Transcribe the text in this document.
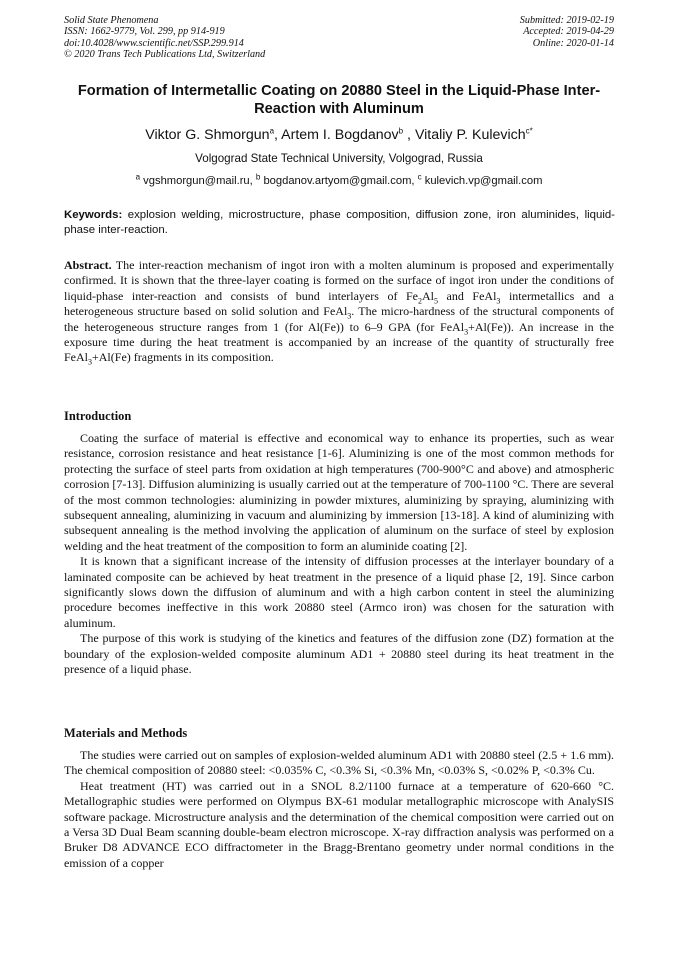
Solid State Phenomena
ISSN: 1662-9779, Vol. 299, pp 914-919
doi:10.4028/www.scientific.net/SSP.299.914
© 2020 Trans Tech Publications Ltd, Switzerland
Submitted: 2019-02-19
Accepted: 2019-04-29
Online: 2020-01-14
Formation of Intermetallic Coating on 20880 Steel in the Liquid-Phase Inter-Reaction with Aluminum
Viktor G. Shmorgun$^a$, Artem I. Bogdanov$^b$ , Vitaliy P. Kulevich$^{c*}$
Volgograd State Technical University, Volgograd, Russia
$^a$ vgshmorgun@mail.ru, $^b$ bogdanov.artyom@gmail.com, $^c$ kulevich.vp@gmail.com
Keywords: explosion welding, microstructure, phase composition, diffusion zone, iron aluminides, liquid-phase inter-reaction.

Abstract. The inter-reaction mechanism of ingot iron with a molten aluminum is proposed and experimentally confirmed. It is shown that the three-layer coating is formed on the surface of ingot iron under the conditions of liquid-phase inter-reaction and consists of bund interlayers of $Fe_2Al_5$ and FeAl$_3$ intermetallics and a heterogeneous structure based on solid solution and FeAl$_3$. The micro-hardness of the structural components of the heterogeneous structure ranges from 1 (for Al(Fe)) to 6–9 GPA (for FeAl$_3$+Al(Fe)). An increase in the exposure time during the heat treatment is accompanied by an increase of the quantity of structurally free FeAl$_3$+Al(Fe) fragments in its composition.

Introduction

Coating the surface of material is effective and economical way to enhance its properties, such as wear resistance, corrosion resistance and heat resistance [1-6]. Aluminizing is one of the most common methods for protecting the surface of steel parts from oxidation at high temperatures (700-900°C and above) and atmospheric corrosion [7-13]. Diffusion aluminizing is usually carried out at the temperature of 700-1100 °C. There are several of the most common technologies: aluminizing in powder mixtures, aluminizing by spraying, aluminizing with subsequent annealing, aluminizing in vacuum and aluminizing by immersion [13-18]. A kind of aluminizing with subsequent annealing is the method involving the application of aluminum on the surface of steel by explosion welding and the heat treatment of the composition to form an aluminide coating [2].

It is known that a significant increase of the intensity of diffusion processes at the interlayer boundary of a laminated composite can be achieved by heat treatment in the presence of a liquid phase [2, 19]. Since carbon significantly slows down the diffusion of aluminum and with a high carbon content in steel the aluminizing procedure becomes ineffective in this work 20880 steel (Armco iron) was chosen for the saturation with aluminum.

The purpose of this work is studying of the kinetics and features of the diffusion zone (DZ) formation at the boundary of the explosion-welded composite aluminum AD1 + 20880 steel during its heat treatment in the presence of a liquid phase.

Materials and Methods

The studies were carried out on samples of explosion-welded aluminum AD1 with 20880 steel (2.5 + 1.6 mm). The chemical composition of 20880 steel: <0.035% C, <0.3% Si, <0.3% Mn, <0.03% S, <0.02% P, <0.3% Cu.

Heat treatment (HT) was carried out in a SNOL 8.2/1100 furnace at a temperature of 620-660 °C. Metallographic studies were performed on Olympus BX-61 modular metallographic microscope with AnalySIS software package. Microstructure analysis and the determination of the chemical composition were carried out on a Versa 3D Dual Beam scanning double-beam electron microscope. X-ray diffraction analysis was performed on a Bruker D8 ADVANCE ECO diffractometer in the Bragg-Brentano geometry under normal conditions in the emission of a copper
